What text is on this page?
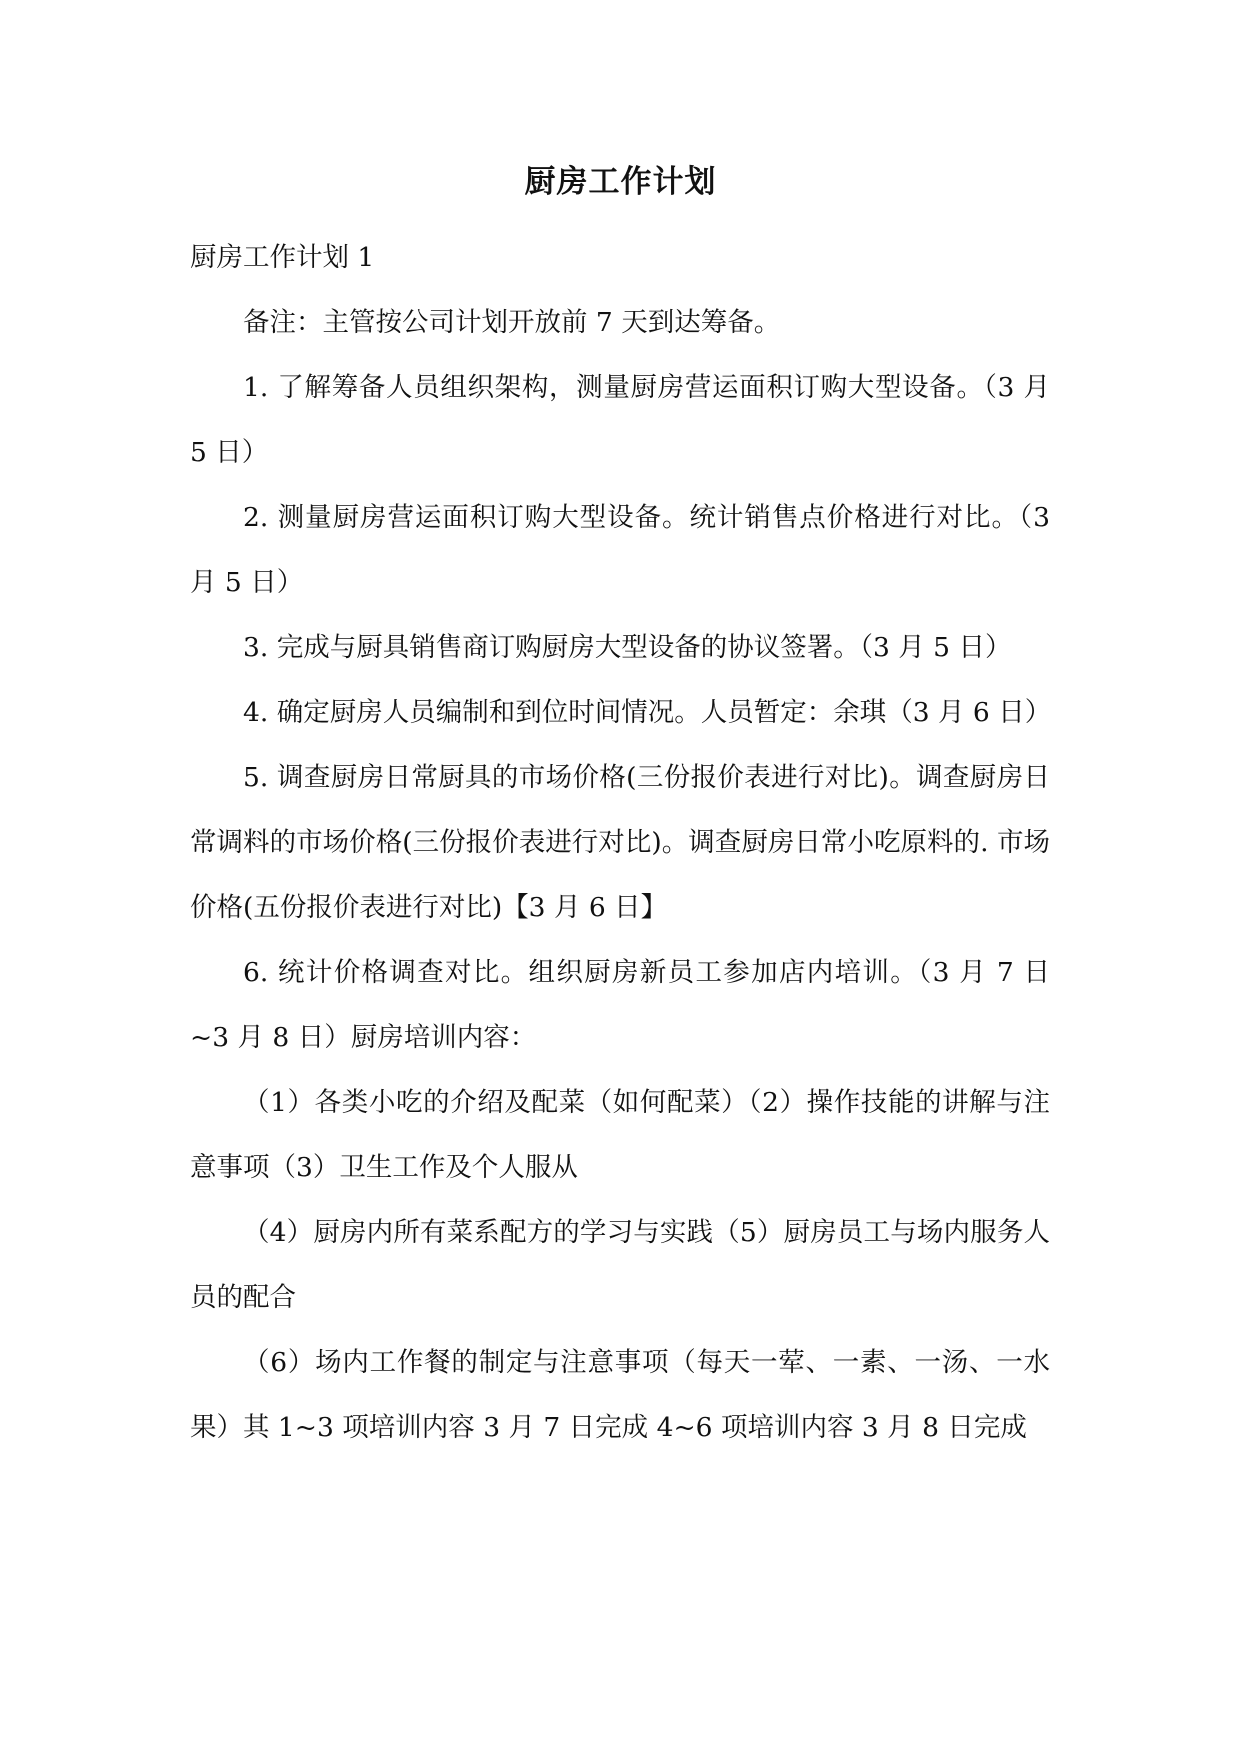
厨房工作计划

厨房工作计划 1

备注：主管按公司计划开放前 7 天到达筹备。

1. 了解筹备人员组织架构，测量厨房营运面积订购大型设备。（3 月 5 日）

2. 测量厨房营运面积订购大型设备。统计销售点价格进行对比。（3 月 5 日）

3. 完成与厨具销售商订购厨房大型设备的协议签署。（3 月 5 日）

4. 确定厨房人员编制和到位时间情况。人员暂定：余琪（3 月 6 日）

5. 调查厨房日常厨具的市场价格(三份报价表进行对比)。调查厨房日常调料的市场价格(三份报价表进行对比)。调查厨房日常小吃原料的. 市场价格(五份报价表进行对比)【3 月 6 日】

6. 统计价格调查对比。组织厨房新员工参加店内培训。（3 月 7 日~3 月 8 日）厨房培训内容：

（1）各类小吃的介绍及配菜（如何配菜）（2）操作技能的讲解与注意事项（3）卫生工作及个人服从

（4）厨房内所有菜系配方的学习与实践（5）厨房员工与场内服务人员的配合

（6）场内工作餐的制定与注意事项（每天一荤、一素、一汤、一水果）其 1~3 项培训内容 3 月 7 日完成 4~6 项培训内容 3 月 8 日完成
